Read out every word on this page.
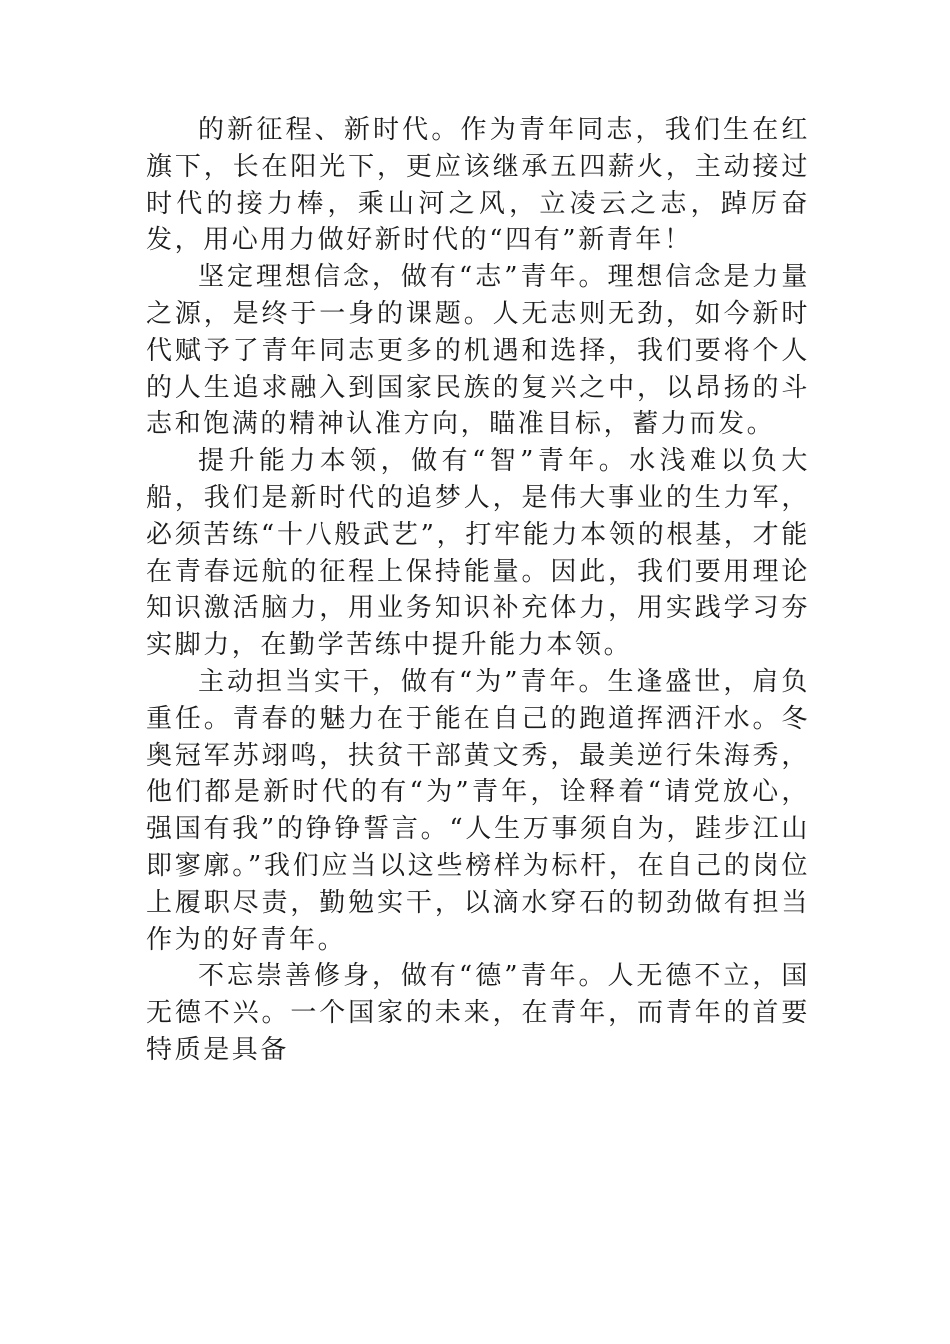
的新征程、新时代。作为青年同志，我们生在红旗下，长在阳光下，更应该继承五四薪火，主动接过时代的接力棒，乘山河之风，立凌云之志，踔厉奋发，用心用力做好新时代的“四有”新青年！

坚定理想信念，做有“志”青年。理想信念是力量之源，是终于一身的课题。人无志则无劲，如今新时代赋予了青年同志更多的机遇和选择，我们要将个人的人生追求融入到国家民族的复兴之中，以昂扬的斗志和饱满的精神认准方向，瞄准目标，蓄力而发。

提升能力本领，做有“智”青年。水浅难以负大船，我们是新时代的追梦人，是伟大事业的生力军，必须苦练“十八般武艺”，打牢能力本领的根基，才能在青春远航的征程上保持能量。因此，我们要用理论知识激活脑力，用业务知识补充体力，用实践学习夯实脚力，在勤学苦练中提升能力本领。

主动担当实干，做有“为”青年。生逢盛世，肩负重任。青春的魅力在于能在自己的跑道挥洒汗水。冬奥冠军苏翊鸣，扶贫干部黄文秀，最美逆行朱海秀，他们都是新时代的有“为”青年，诠释着“请党放心，强国有我”的铮铮誓言。“人生万事须自为，跬步江山即寥廓。”我们应当以这些榜样为标杆，在自己的岗位上履职尽责，勤勉实干，以滴水穿石的韧劲做有担当作为的好青年。

不忘崇善修身，做有“德”青年。人无德不立，国无德不兴。一个国家的未来，在青年，而青年的首要特质是具备
